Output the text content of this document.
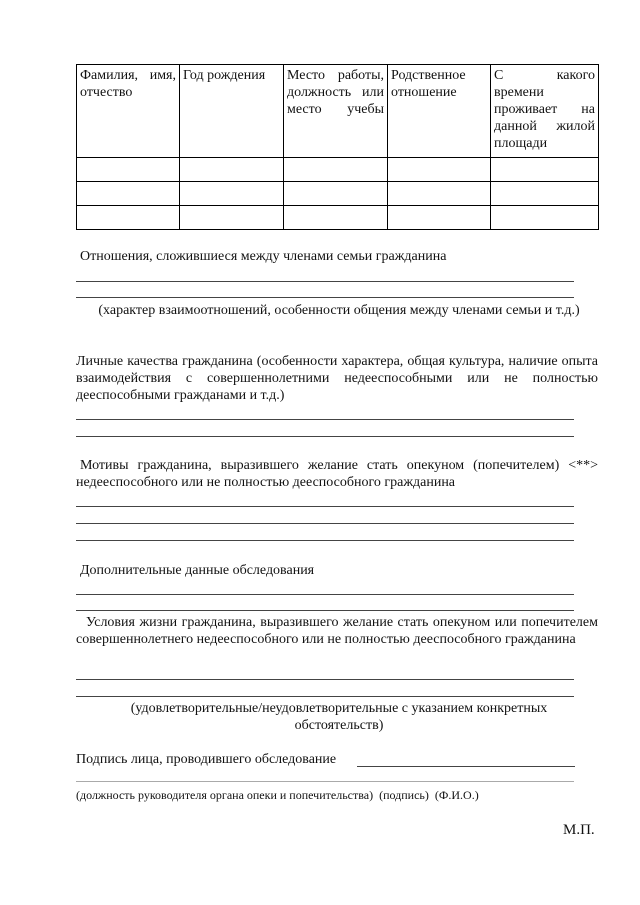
Фамилия, имя, отчество	Год рождения	Место работы, должность или место учебы	Родственное отношение	С какого времени проживает на данной жилой площади

Отношения, сложившиеся между членами семьи гражданина
(характер взаимоотношений, особенности общения между членами семьи и т.д.)
Личные качества гражданина (особенности характера, общая культура, наличие опыта взаимодействия с совершеннолетними недееспособными или не полностью дееспособными гражданами и т.д.)
Мотивы гражданина, выразившего желание стать опекуном (попечителем) <**> недееспособного или не полностью дееспособного гражданина
Дополнительные данные обследования
Условия жизни гражданина, выразившего желание стать опекуном или попечителем совершеннолетнего недееспособного или не полностью дееспособного гражданина
(удовлетворительные/неудовлетворительные с указанием конкретных обстоятельств)
Подпись лица, проводившего обследование
(должность руководителя органа опеки и попечительства)  (подпись)  (Ф.И.О.)
М.П.
